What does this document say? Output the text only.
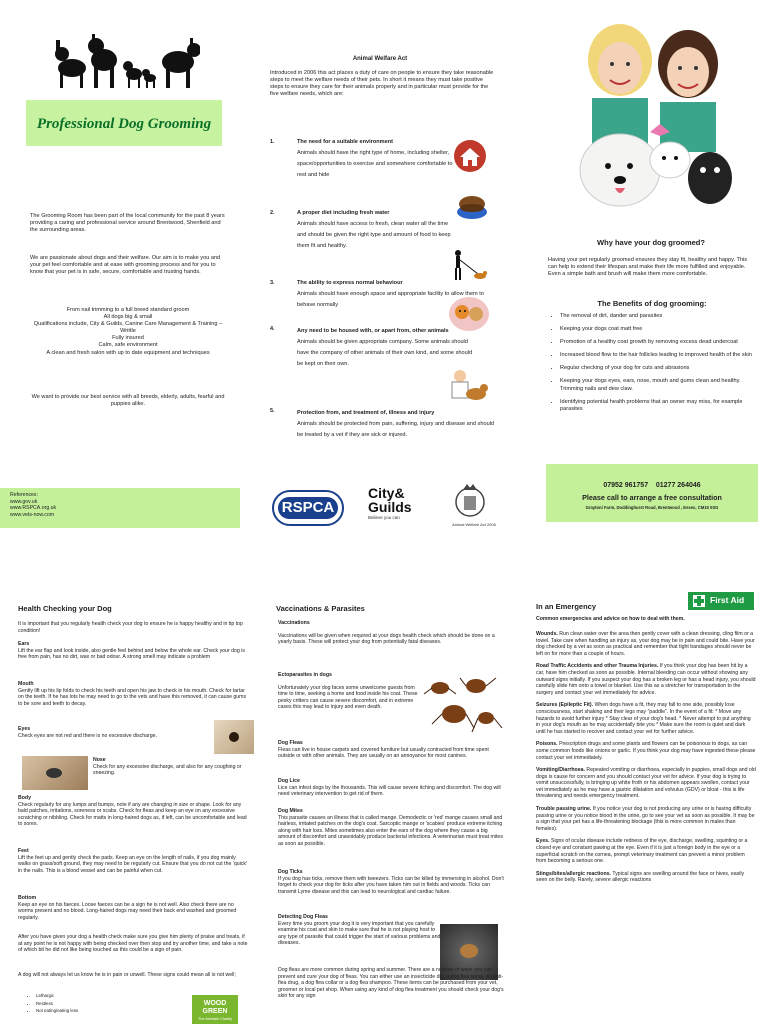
Professional Dog Grooming
The Grooming Room has been part of the local community for the past 8 years providing a caring and professional service around Brentwood, Shenfield and the surrounding areas.
We are passionate about dogs and their welfare. Our aim is to make you and your pet feel comfortable and at ease with grooming process and for you to know that your pet is in safe, secure, comfortable and trusting hands.
From nail trimming to a full breed standard groom
All dogs big & small
Qualifications include, City & Guilds, Canine Care Management & Training – Writtle
Fully insured
Calm, safe environment
A clean and fresh salon with up to date equipment and techniques
We want to provide our best service with all breeds, elderly, adults, fearful and puppies alike.
References:
www.gov.uk
www.RSPCA.org.uk
www.vets-now.com
Animal Welfare Act
Introduced in 2006 this act places a duty of care on people to ensure they take reasonable steps to meet the welfare needs of their pets. In short it means they must take positive steps to ensure they care for their animals properly and in particular must provide for the five welfare needs, which are:
1.	The need for a suitable environment
Animals should have the right type of home, including shelter, space/opportunities to exercise and somewhere comfortable to rest and hide
2.	A proper diet including fresh water
Animals should have access to fresh, clean water all the time and should be given the right type and amount of food to keep them fit and healthy.
3.	The ability to express normal behaviour
Animals should have enough space and appropriate facility to allow them to behave normally
4.	Any need to be housed with, or apart from, other animals
Animals should be given appropriate company. Some animals should have the company of other animals of their own kind, and some should be kept on their own.
5.	Protection from, and treatment of, illness and injury
Animals should be protected from pain, suffering, injury and disease and should be treated by a vet if they are sick or injured.
RSPCA
City&
Guilds
Believe you can
Animal Welfare Act 2006
Why have your dog groomed?
Having your pet regularly groomed ensures they stay fit, healthy and happy. This can help to extend their lifespan and make their life more fulfilled and enjoyable. Even a simple bath and brush will make them more comfortable.
The Benefits of dog grooming:
• The removal of dirt, dander and parasites
• Keeping your dogs coat matt free
• Promotion of a healthy coat growth by removing excess dead undercoat
• Increased blood flow to the hair follicles leading to improved health of the skin
• Regular checking of your dog for cuts and abrasions
• Keeping your dogs eyes, ears, nose, mouth and gums clean and healthy. Trimming nails and dew claw.
• Identifying potential health problems that an owner may miss, for example parasites
07952 961757    01277 264046
Please call to arrange a free consultation
Graytoni Farm, Doddinghurst Road, Brentwood , Essex, CM15 0SG
Health Checking your Dog
It is important that you regularly health check your dog to ensure he is happy healthy and in tip top condition!
Ears
Lift the ear flap and look inside, also gentle feel behind and below the whole ear. Check your dog is free from pain, has no dirt, wax or bad odour. A strong smell may indicate a problem
Mouth
Gently lift up his lip folds to check his teeth and open his jaw to check in his mouth. Check for tartar on the teeth. If he has lots he may need to go to the vets and have this removed, it can cause gums to be sore and teeth to decay.
Eyes
Check eyes are not red and there is no excessive discharge.
Nose
Check for any excessive discharge, and also for any coughing or sneezing.
Body
Check regularly for any lumps and bumps, note if any are changing in size or shape. Look for any bald patches, irritations, soreness or scabs. Check for fleas and keep an eye on any excessive scratching or nibbling. Check for matts in long-haired dogs as, if left, can be uncomfortable and lead to sores.
Feet
Lift the feet up and gently check the pads. Keep an eye on the length of nails, if you dog mainly walks on grass/soft ground, they may need to be regularly cut. Ensure that you do not cut the 'quick' in the nails. This is a blood vessel and can be painful when cut.
Bottom
Keep an eye on his faeces. Loose faeces can be a sign he is not well. Also check there are no worms present and no blood. Long-haired dogs may need their back end washed and groomed regularly.
After you have given your dog a health check make sure you give him plenty of praise and treats, if at any point he is not happy with being checked over then stop and try another time, and take a note of which bit he did not like being touched as this could be a sign of pain.
A dog will not always let us know he is in pain or unwell. These signs could mean all is not well;
• Lethargic
• Restless
• Not eating/eating less
WOOD GREEN
The Animals Charity
Vaccinations & Parasites
Vaccinations
Vaccinations will be given when required at your dogs health check which should be done on a yearly basis. These will protect your dog from potentially fatal diseases.
Ectoparasites in dogs
Unfortunately your dog faces some unwelcome guests from time to time, seeking a home and food inside his coat. These pesky critters can cause severe discomfort, and in extreme cases this may lead to injury and even death.
Dog Fleas
Fleas can live in house carpets and covered furniture but usually contracted from time spent outside or with other animals. They are usually on an annoyance for most canines.
Dog Lice
Lice can infest dogs by the thousands. This will cause severe itching and discomfort. The dog will need veterinary intervention to get rid of them.
Dog Mites
This parasite causes an illness that is called mange. Demodectic or 'red' mange causes small and hairless, irritated patches on the dog's coat. Sarcoptic mange or 'scabies' produce extreme itching along with hair loss. Mites sometimes also enter the ears of the dog where they cause a big amount of discomfort and unavoidably produce bacterial infections. A veterinarian must treat mites as soon as possible.
Dog Ticks
If you dog has ticks, remove them with tweezers. Ticks can be killed by immersing in alcohol. Don't forget to check your dog for ticks after you have taken him out in fields and woods. Ticks can transmit Lyme disease and this can lead to neurological and cardiac failure.
Detecting Dog Fleas
Every time you groom your dog it is very important that you carefully examine his coat and skin to make sure that he is not playing host to any type of parasite that could trigger the start of various problems and diseases.
Dog fleas are more common during spring and summer. There are a number of ways you can prevent and cure your dog of fleas. You can either use an insecticide dip, a dog flea spray, an anti-flea drug, a dog flea collar or a dog flea shampoo. These items can be purchased from your vet, groomer or local pet shop. When using any kind of dog flea treatment you should check your dog's skin for any sign
In an Emergency
First Aid
Common emergencies and advice on how to deal with them.
Wounds. Run clean water over the area then gently cover with a clean dressing, cling film or a towel. Take care when handling an injury as, your dog may be in pain and could bite. Have your dog checked by a vet as soon as practical and remember that tight bandages should never be left on for more than a couple of hours.
Road Traffic Accidents and other Trauma Injuries. If you think your dog has been hit by a car, have him checked as soon as possible. Internal bleeding can occur without showing any outward signs initially. If you suspect your dog has a broken leg or has a head injury, you should carefully slide him onto a towel or blanket. Use this as a stretcher for transportation to the surgery and contact your vet immediately for advice.
Seizures (Epileptic Fit). When dogs have a fit, they may fall to one side, possibly lose consciousness, start shaking and their legs may "paddle". In the event of a fit: * Move any hazards to avoid further injury * Stay clear of your dog's head. * Never attempt to put anything in your dog's mouth as he may accidentally bite you * Make sure the room is quiet and dark until he has started to recover and contact your vet for further advice.
Poisons. Prescription drugs and some plants and flowers can be poisonous to dogs, as can some common foods like onions or garlic. If you think your dog may have ingested these please contact your vet immediately.
Vomiting/Diarrhoea. Repeated vomiting or diarrhoea, especially in puppies, small dogs and old dogs is cause for concern and you should contact your vet for advice. If your dog is trying to vomit unsuccessfully, is bringing up white froth or his abdomen appears swollen, contact your vet immediately as he may have a gastric dilatation and volvulus (GDV) or bloat - this is life threatening and needs emergency treatment.
Trouble passing urine. If you notice your dog is not producing any urine or is having difficulty passing urine or you notice blood in the urine, go to see your vet as soon as possible. It may be a sign that your pet has a life-threatening blockage (this is more common in males than females).
Eyes. Signs of ocular disease include redness of the eye, discharge, swelling, squinting or a closed eye and constant pawing at the eye. Even if it is just a foreign body in the eye or a superficial scratch on the cornea, prompt veterinary treatment can prevent a minor problem from becoming a serious one.
Stings/bites/allergic reactions. Typical signs are swelling around the face or hives, easily seen on the belly. Rarely, severe allergic reactions
